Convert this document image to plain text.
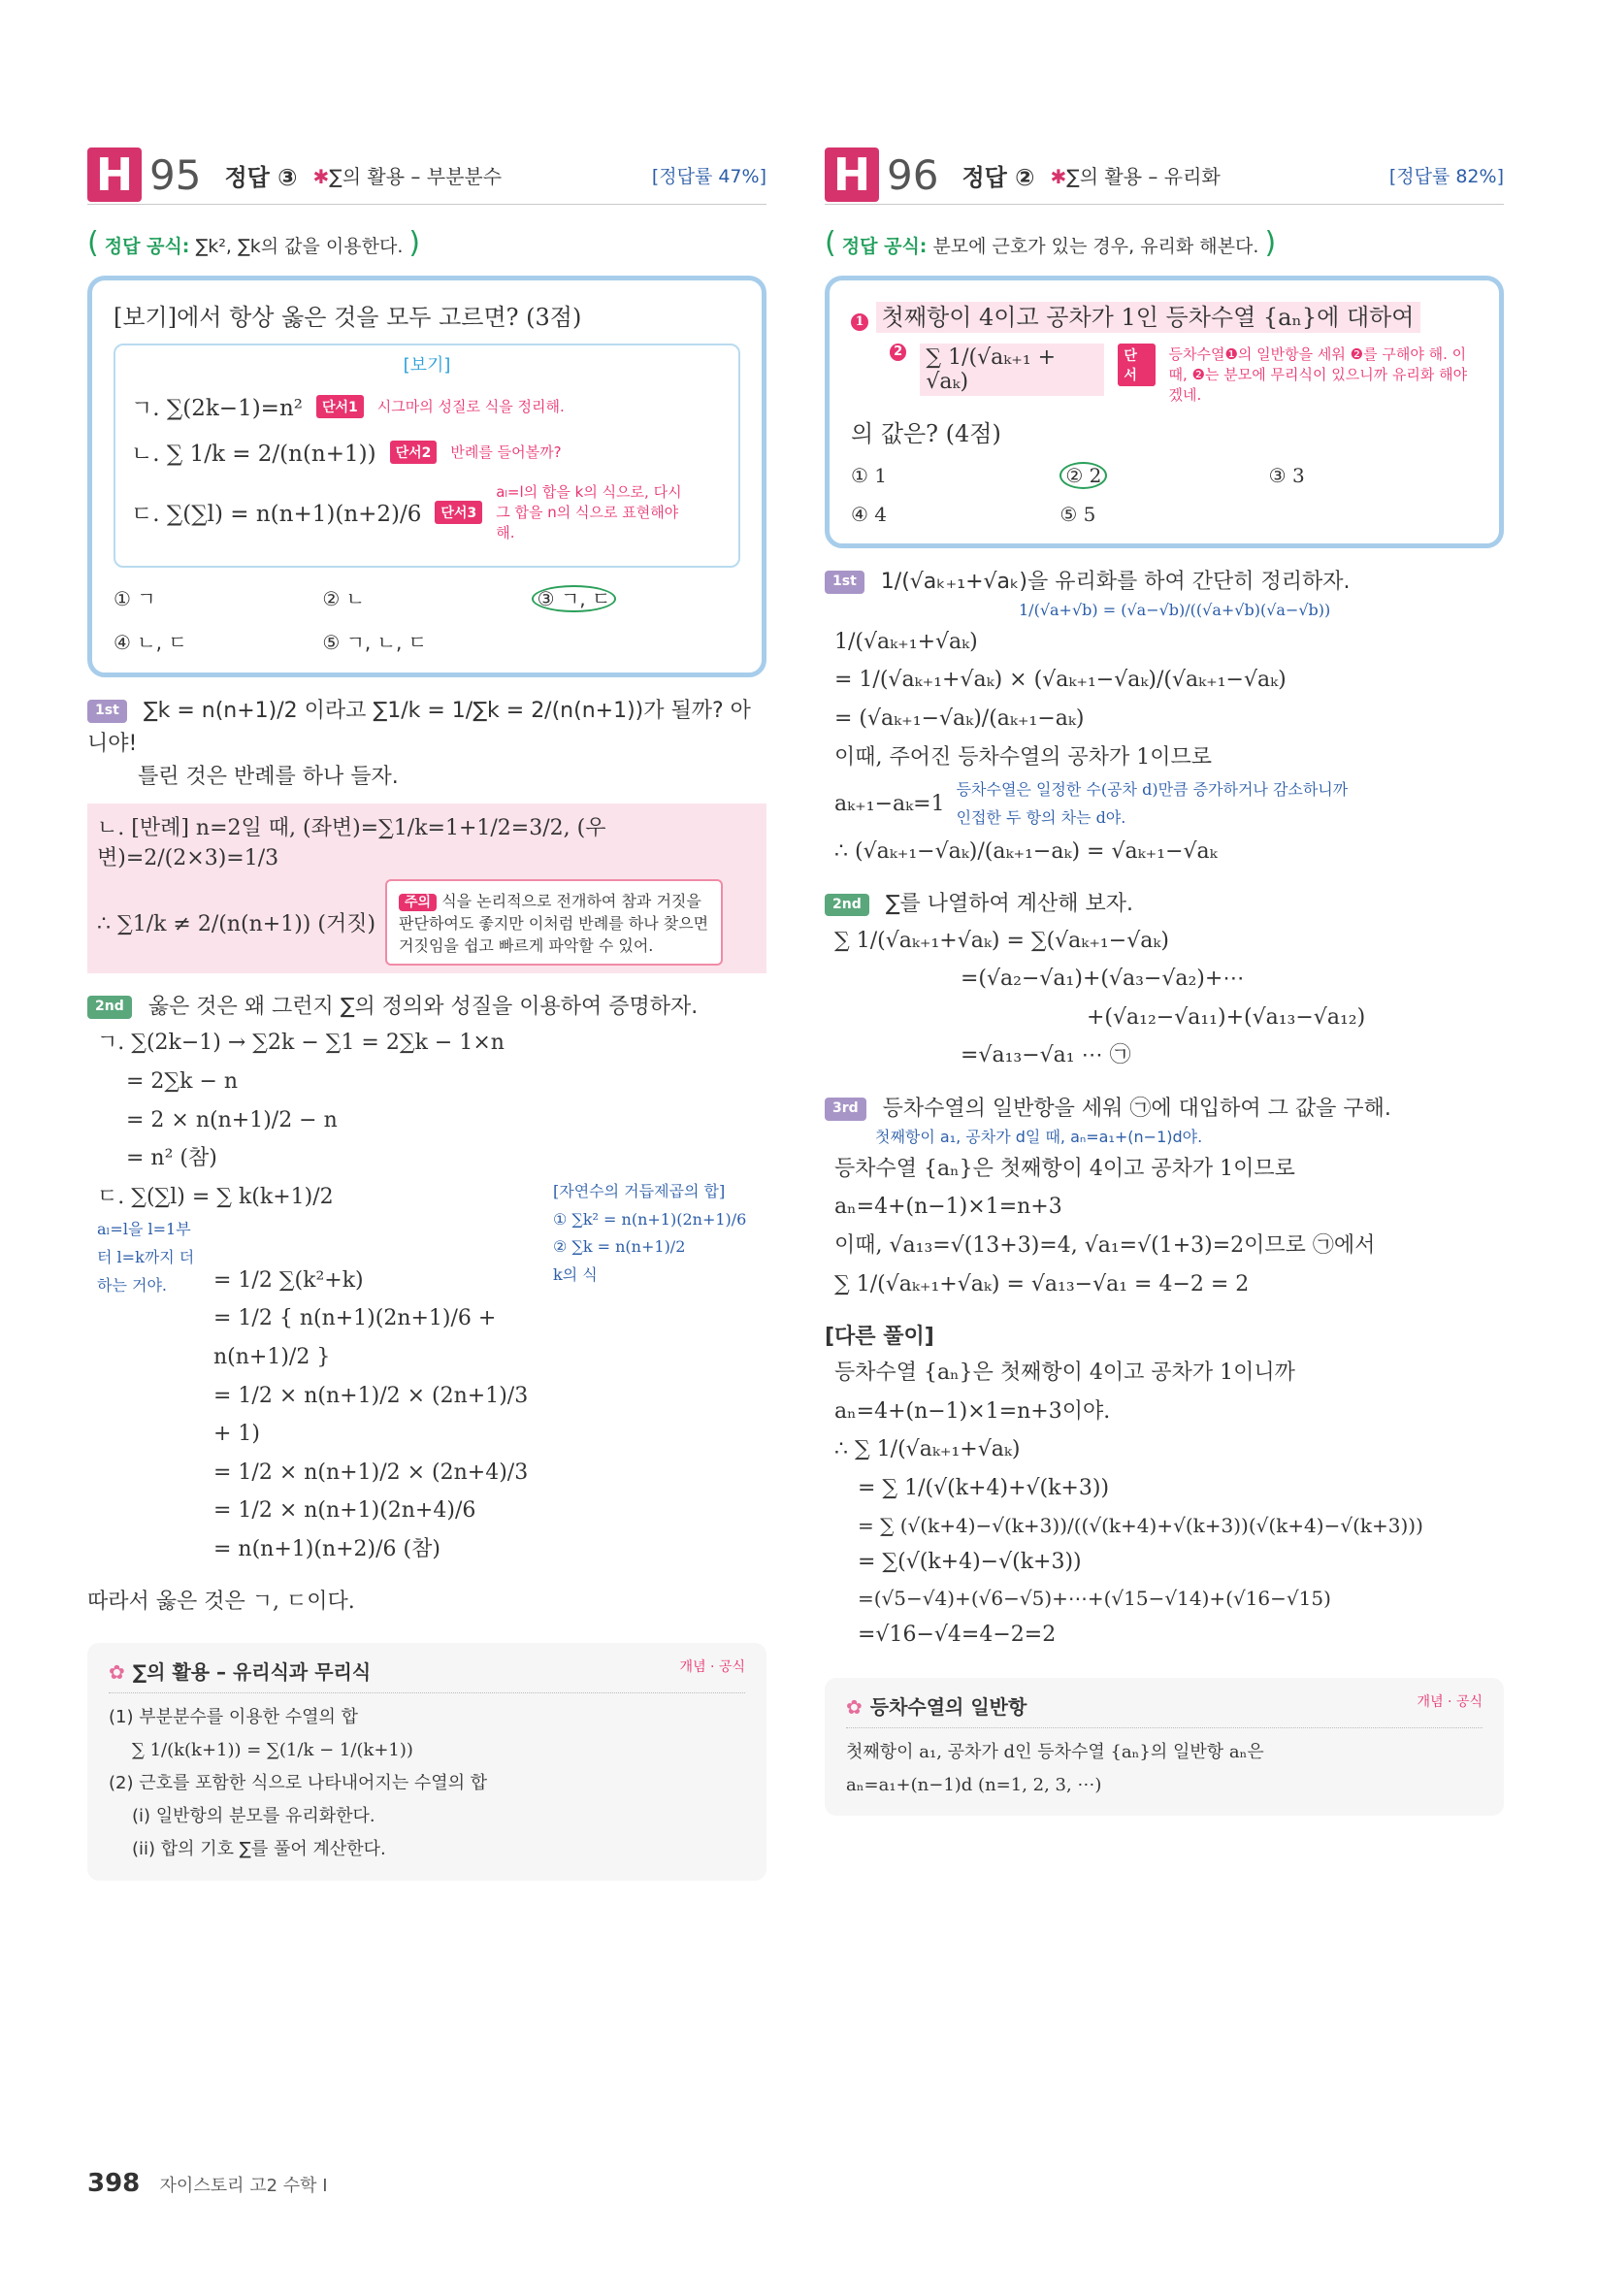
H 95 정답 ③ ✱∑의 활용 – 부분분수	[정답률 47%]
( 정답 공식: ∑k², ∑k의 값을 이용한다. )
[보기]에서 항상 옳은 것을 모두 고르면? (3점)
[보기]
ㄱ. ∑(2k−1)=n²	단서1	시그마의 성질로 식을 정리해.
ㄴ. ∑ 1/k = 2/(n(n+1))	단서2	반례를 들어볼까?
ㄷ. ∑(∑l) = n(n+1)(n+2)/6	단서3
aₗ=l의 합을 k의 식으로, 다시 그 합을 n의 식으로 표현해야 해.
① ㄱ	② ㄴ	③ ㄱ, ㄷ
④ ㄴ, ㄷ	⑤ ㄱ, ㄴ, ㄷ
1st ∑k = n(n+1)/2 이라고 ∑1/k = 1/∑k = 2/(n(n+1))가 될까? 아니야!
틀린 것은 반례를 하나 들자.
ㄴ. [반례] n=2일 때, (좌변)=∑1/k=1+1/2=3/2, (우변)=2/(2×3)=1/3
∴ ∑1/k ≠ 2/(n(n+1)) (거짓)
주의 식을 논리적으로 전개하여 참과 거짓을 판단하여도 좋지만 이처럼 반례를 하나 찾으면 거짓임을 쉽고 빠르게 파악할 수 있어.
2nd 옳은 것은 왜 그런지 ∑의 정의와 성질을 이용하여 증명하자.
ㄱ. ∑(2k−1) → ∑2k − ∑1 = 2∑k − 1×n
= 2∑k − n
= 2 × n(n+1)/2 − n
= n² (참)
ㄷ. ∑(∑l) = ∑ k(k+1)/2
aₗ=l을 l=1부터 l=k까지 더하는 거야.	= 1/2 ∑(k²+k)
= 1/2 { n(n+1)(2n+1)/6 + n(n+1)/2 }
= 1/2 × n(n+1)/2 × (2n+1)/3 + 1)
= 1/2 × n(n+1)/2 × (2n+4)/3
= 1/2 × n(n+1)(2n+4)/6
= n(n+1)(n+2)/6 (참)
[자연수의 거듭제곱의 합]
① ∑k² = n(n+1)(2n+1)/6
② ∑k = n(n+1)/2
k의 식
따라서 옳은 것은 ㄱ, ㄷ이다.
✿ ∑의 활용 – 유리식과 무리식	개념 · 공식
(1) 부분분수를 이용한 수열의 합
∑ 1/(k(k+1)) = ∑(1/k − 1/(k+1))
(2) 근호를 포함한 식으로 나타내어지는 수열의 합
(i) 일반항의 분모를 유리화한다.
(ii) 합의 기호 ∑를 풀어 계산한다.
H 96 정답 ② ✱∑의 활용 – 유리화	[정답률 82%]
( 정답 공식: 분모에 근호가 있는 경우, 유리화 해본다. )
1 첫째항이 4이고 공차가 1인 등차수열 {aₙ}에 대하여
2 ∑ 1/(√aₖ₊₁ + √aₖ)
단서
등차수열❶의 일반항을 세워 ❷를 구해야 해. 이때, ❷는 분모에 무리식이 있으니까 유리화 해야겠네.
의 값은? (4점)
① 1	② 2	③ 3
④ 4	⑤ 5
1st 1/(√aₖ₊₁+√aₖ)을 유리화를 하여 간단히 정리하자.
1/(√a+√b) = (√a−√b)/((√a+√b)(√a−√b))
1/(√aₖ₊₁+√aₖ)
= 1/(√aₖ₊₁+√aₖ) × (√aₖ₊₁−√aₖ)/(√aₖ₊₁−√aₖ)
= (√aₖ₊₁−√aₖ)/(aₖ₊₁−aₖ)
이때, 주어진 등차수열의 공차가 1이므로
aₖ₊₁−aₖ=1
등차수열은 일정한 수(공차 d)만큼 증가하거나 감소하니까 인접한 두 항의 차는 d야.
∴ (√aₖ₊₁−√aₖ)/(aₖ₊₁−aₖ) = √aₖ₊₁−√aₖ
2nd ∑를 나열하여 계산해 보자.
∑ 1/(√aₖ₊₁+√aₖ) = ∑(√aₖ₊₁−√aₖ)
=(√a₂−√a₁)+(√a₃−√a₂)+⋯
+(√a₁₂−√a₁₁)+(√a₁₃−√a₁₂)
=√a₁₃−√a₁ ⋯ ㉠
3rd 등차수열의 일반항을 세워 ㉠에 대입하여 그 값을 구해.
첫째항이 a₁, 공차가 d일 때, aₙ=a₁+(n−1)d야.
등차수열 {aₙ}은 첫째항이 4이고 공차가 1이므로
aₙ=4+(n−1)×1=n+3
이때, √a₁₃=√(13+3)=4, √a₁=√(1+3)=2이므로 ㉠에서
∑ 1/(√aₖ₊₁+√aₖ) = √a₁₃−√a₁ = 4−2 = 2
[다른 풀이]
등차수열 {aₙ}은 첫째항이 4이고 공차가 1이니까
aₙ=4+(n−1)×1=n+3이야.
∴ ∑ 1/(√aₖ₊₁+√aₖ)
= ∑ 1/(√(k+4)+√(k+3))
= ∑ (√(k+4)−√(k+3))/((√(k+4)+√(k+3))(√(k+4)−√(k+3)))
= ∑(√(k+4)−√(k+3))
=(√5−√4)+(√6−√5)+⋯+(√15−√14)+(√16−√15)
=√16−√4=4−2=2
✿ 등차수열의 일반항	개념 · 공식
첫째항이 a₁, 공차가 d인 등차수열 {aₙ}의 일반항 aₙ은
aₙ=a₁+(n−1)d (n=1, 2, 3, ⋯)
398 자이스토리 고2 수학 I
